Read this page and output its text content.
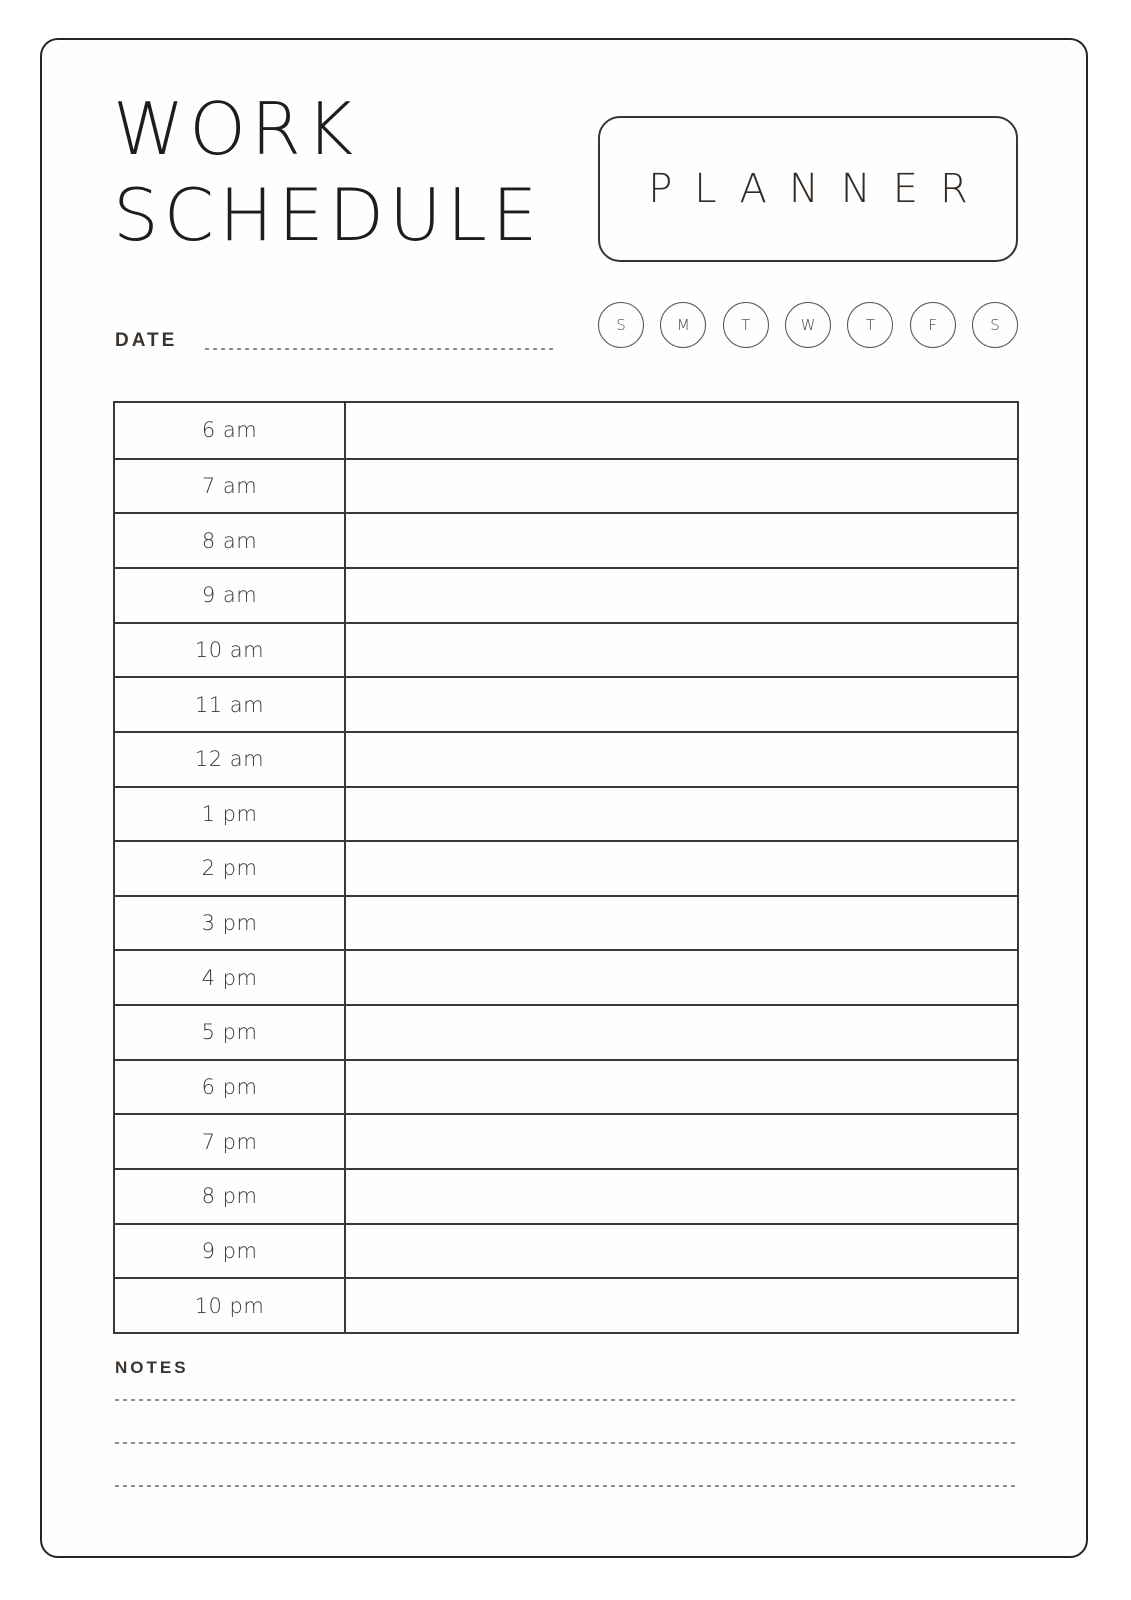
WORK
SCHEDULE	PLANNER
S	M	T	W	T	F	S
DATE
6 am
7 am
8 am
9 am
10 am
11 am
12 am
1 pm
2 pm
3 pm
4 pm
5 pm
6 pm
7 pm
8 pm
9 pm
10 pm
NOTES
